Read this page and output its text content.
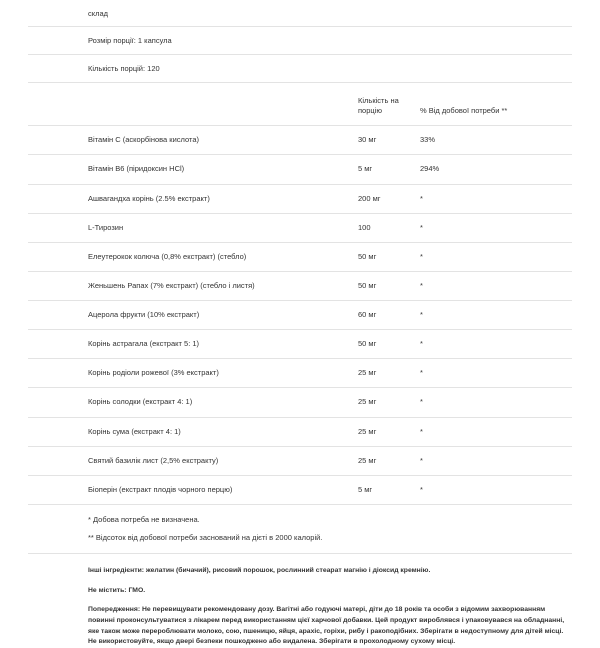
склад
Розмір порції: 1 капсула
Кількість порцій: 120

		Кількість на порцію	% Від добової потреби **

	Вітамін C (аскорбінова кислота)	30 мг	33%
	Вітамін B6 (піридоксин HCl)	5 мг	294%
	Ашвагандха корінь (2.5% екстракт)	200 мг	*
	L-Тирозин	100	*
	Елеутерокок колюча (0,8% екстракт) (стебло)	50 мг	*
	Женьшень Рапах (7% екстракт) (стебло і листя)	50 мг	*
	Ацерола фрукти (10% екстракт)	60 мг	*
	Корінь астрагала (екстракт 5: 1)	50 мг	*
	Корінь родіоли рожевої (3% екстракт)	25 мг	*
	Корінь солодки (екстракт 4: 1)	25 мг	*
	Корінь сума (екстракт 4: 1)	25 мг	*
	Святий базилік лист (2,5% екстракту)	25 мг	*
	Біоперін (екстракт плодів чорного перцю)	5 мг	*
* Добова потреба не визначена.
** Відсоток від добової потреби заснований на дієті в 2000 калорій.

Інші інгредієнти: желатин (бичачий), рисовий порошок, рослинний стеарат магнію і діоксид кремнію.

Не містить: ГМО.

Попередження: Не перевищувати рекомендовану дозу. Вагітні або годуючі матері, діти до 18 років та особи з відомим захворюванням повинні проконсультуватися з лікарем перед використанням цієї харчової добавки. Цей продукт вироблявся і упаковувався на обладнанні, яке також може перероблювати молоко, сою, пшеницю, яйця, арахіс, горіхи, рибу і ракоподібних. Зберігати в недоступному для дітей місці. Не використовуйте, якщо двері безпеки пошкоджено або видалена. Зберігати в прохолодному сухому місці.
